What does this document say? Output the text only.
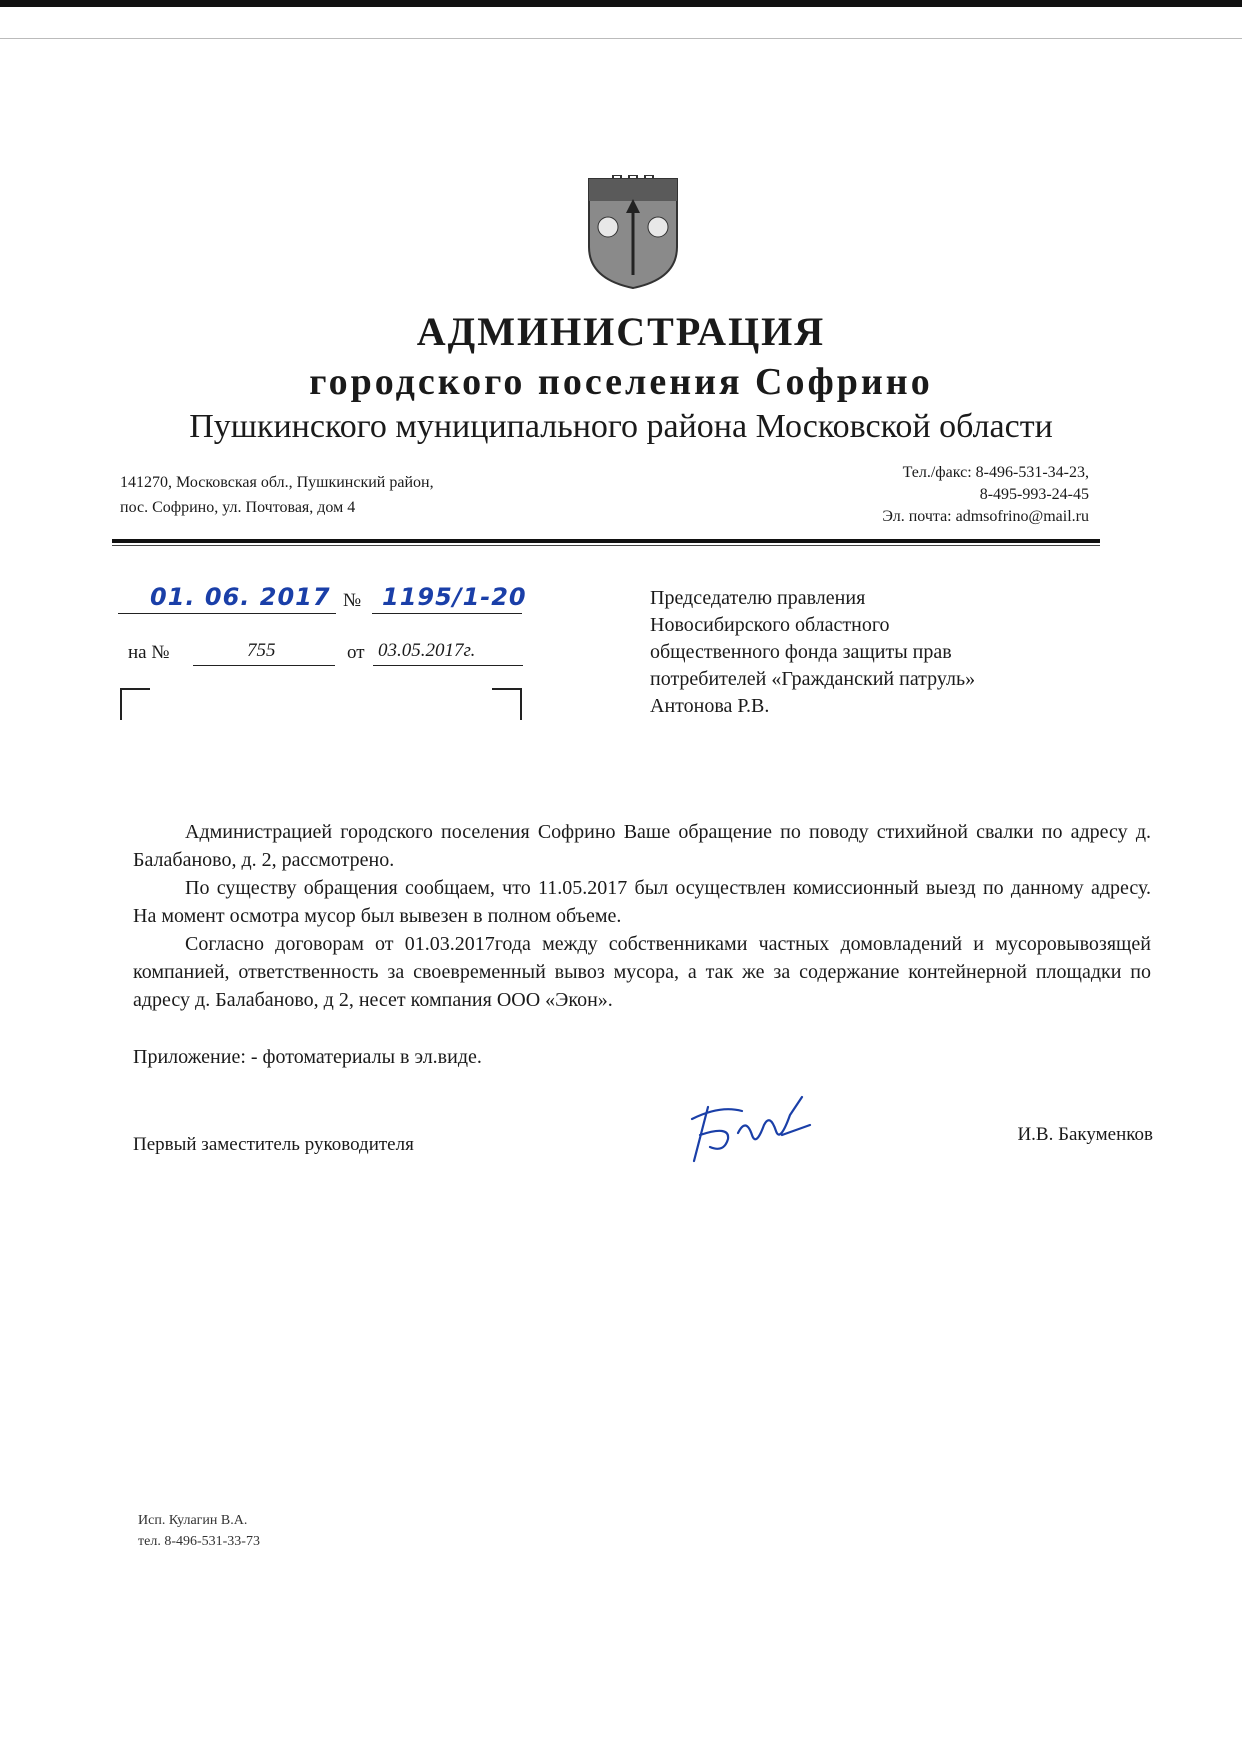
АДМИНИСТРАЦИЯ
городского поселения Софрино
Пушкинского муниципального района Московской области
141270, Московская обл., Пушкинский район,
пос. Софрино, ул. Почтовая, дом 4
Тел./факс: 8-496-531-34-23,
8-495-993-24-45
Эл. почта: admsofrino@mail.ru
01. 06. 2017 № 1195/1-20
на №	755	от 03.05.2017г.
Председателю правления
Новосибирского областного
общественного фонда защиты прав
потребителей «Гражданский патруль»
Антонова Р.В.

Администрацией городского поселения Софрино Ваше обращение по поводу стихийной свалки по адресу д. Балабаново, д. 2, рассмотрено.

По существу обращения сообщаем, что 11.05.2017 был осуществлен комиссионный выезд по данному адресу. На момент осмотра мусор был вывезен в полном объеме.

Согласно договорам от 01.03.2017года между собственниками частных домовладений и мусоровывозящей компанией, ответственность за своевременный вывоз мусора, а так же за содержание контейнерной площадки по адресу д. Балабаново, д 2, несет компания ООО «Экон».

Приложение: - фотоматериалы в эл.виде.
Первый заместитель руководителя	И.В. Бакуменков
Исп. Кулагин В.А.
тел. 8-496-531-33-73
